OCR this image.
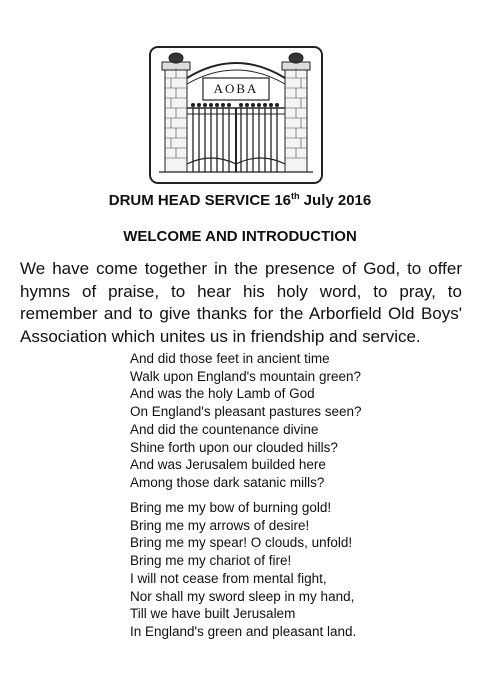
AOBA
DRUM HEAD SERVICE 16th July 2016
WELCOME AND INTRODUCTION
We have come together in the presence of God, to offer hymns of praise, to hear his holy word, to pray, to remember and to give thanks for the Arborfield Old Boys' Association which unites us in friendship and service.
And did those feet in ancient time
Walk upon England's mountain green?
And was the holy Lamb of God
On England's pleasant pastures seen?
And did the countenance divine
Shine forth upon our clouded hills?
And was Jerusalem builded here
Among those dark satanic mills?
Bring me my bow of burning gold!
Bring me my arrows of desire!
Bring me my spear! O clouds, unfold!
Bring me my chariot of fire!
I will not cease from mental fight,
Nor shall my sword sleep in my hand,
Till we have built Jerusalem
In England's green and pleasant land.
